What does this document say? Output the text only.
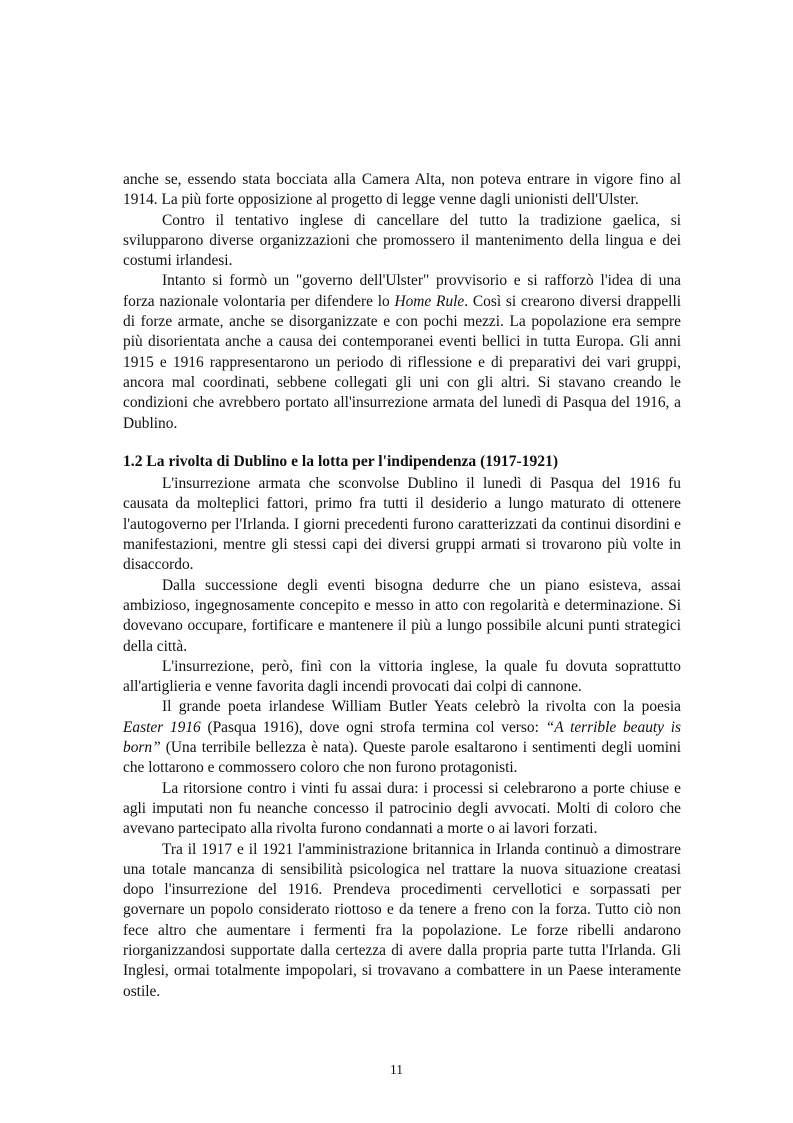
anche se, essendo stata bocciata alla Camera Alta, non poteva entrare in vigore fino al 1914. La più forte opposizione al progetto di legge venne dagli unionisti dell'Ulster.

Contro il tentativo inglese di cancellare del tutto la tradizione gaelica, si svilupparono diverse organizzazioni che promossero il mantenimento della lingua e dei costumi irlandesi.

Intanto si formò un "governo dell'Ulster" provvisorio e si rafforzò l'idea di una forza nazionale volontaria per difendere lo Home Rule. Così si crearono diversi drappelli di forze armate, anche se disorganizzate e con pochi mezzi. La popolazione era sempre più disorientata anche a causa dei contemporanei eventi bellici in tutta Europa. Gli anni 1915 e 1916 rappresentarono un periodo di riflessione e di preparativi dei vari gruppi, ancora mal coordinati, sebbene collegati gli uni con gli altri. Si stavano creando le condizioni che avrebbero portato all'insurrezione armata del lunedì di Pasqua del 1916, a Dublino.

1.2 La rivolta di Dublino e la lotta per l'indipendenza (1917-1921)

L'insurrezione armata che sconvolse Dublino il lunedì di Pasqua del 1916 fu causata da molteplici fattori, primo fra tutti il desiderio a lungo maturato di ottenere l'autogoverno per l'Irlanda. I giorni precedenti furono caratterizzati da continui disordini e manifestazioni, mentre gli stessi capi dei diversi gruppi armati si trovarono più volte in disaccordo.

Dalla successione degli eventi bisogna dedurre che un piano esisteva, assai ambizioso, ingegnosamente concepito e messo in atto con regolarità e determinazione. Si dovevano occupare, fortificare e mantenere il più a lungo possibile alcuni punti strategici della città.

L'insurrezione, però, finì con la vittoria inglese, la quale fu dovuta soprattutto all'artiglieria e venne favorita dagli incendi provocati dai colpi di cannone.

Il grande poeta irlandese William Butler Yeats celebrò la rivolta con la poesia Easter 1916 (Pasqua 1916), dove ogni strofa termina col verso: “A terrible beauty is born” (Una terribile bellezza è nata). Queste parole esaltarono i sentimenti degli uomini che lottarono e commossero coloro che non furono protagonisti.

La ritorsione contro i vinti fu assai dura: i processi si celebrarono a porte chiuse e agli imputati non fu neanche concesso il patrocinio degli avvocati. Molti di coloro che avevano partecipato alla rivolta furono condannati a morte o ai lavori forzati.

Tra il 1917 e il 1921 l'amministrazione britannica in Irlanda continuò a dimostrare una totale mancanza di sensibilità psicologica nel trattare la nuova situazione creatasi dopo l'insurrezione del 1916. Prendeva procedimenti cervellotici e sorpassati per governare un popolo considerato riottoso e da tenere a freno con la forza. Tutto ciò non fece altro che aumentare i fermenti fra la popolazione. Le forze ribelli andarono riorganizzandosi supportate dalla certezza di avere dalla propria parte tutta l'Irlanda. Gli Inglesi, ormai totalmente impopolari, si trovavano a combattere in un Paese interamente ostile.

11
